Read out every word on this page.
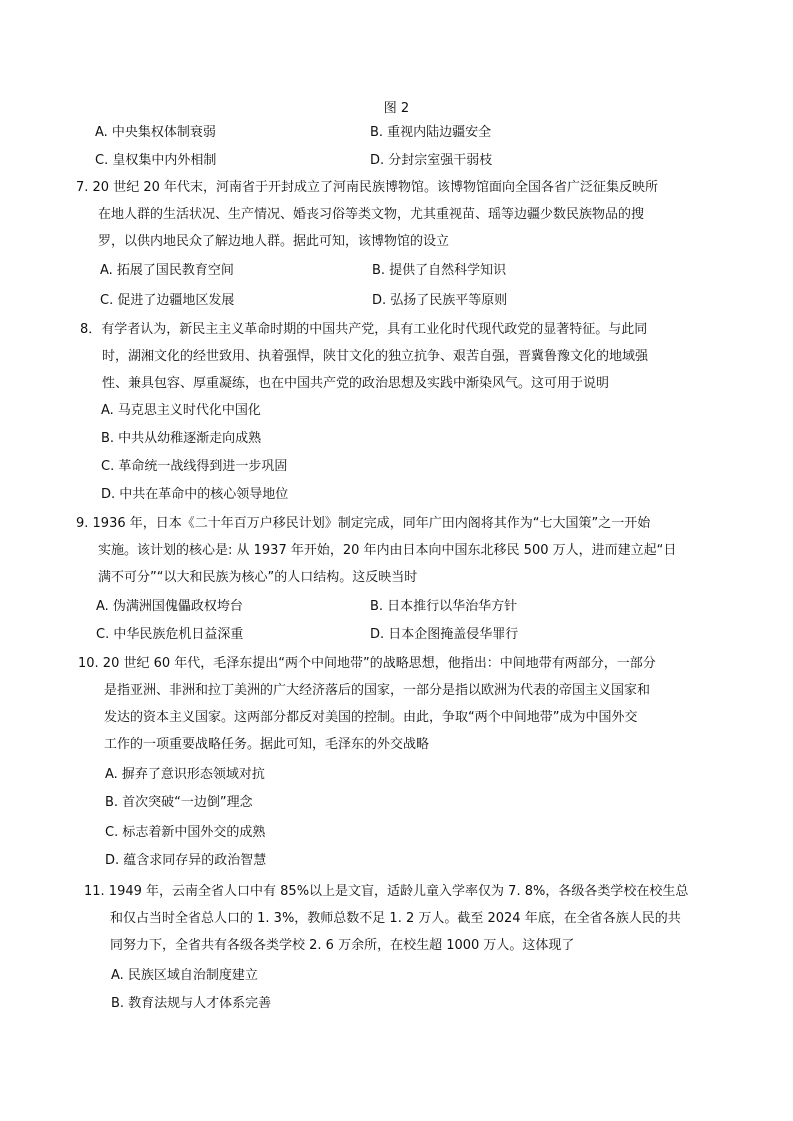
图 2
A. 中央集权体制衰弱	B. 重视内陆边疆安全
C. 皇权集中内外相制	D. 分封宗室强干弱枝
7. 20 世纪 20 年代末，河南省于开封成立了河南民族博物馆。该博物馆面向全国各省广泛征集反映所
在地人群的生活状况、生产情况、婚丧习俗等类文物，尤其重视苗、瑶等边疆少数民族物品的搜
罗，以供内地民众了解边地人群。据此可知，该博物馆的设立
A. 拓展了国民教育空间	B. 提供了自然科学知识
C. 促进了边疆地区发展	D. 弘扬了民族平等原则
8．有学者认为，新民主主义革命时期的中国共产党，具有工业化时代现代政党的显著特征。与此同
时，湖湘文化的经世致用、执着强悍，陕甘文化的独立抗争、艰苦自强，晋冀鲁豫文化的地域强
性、兼具包容、厚重凝练，也在中国共产党的政治思想及实践中渐染风气。这可用于说明
A. 马克思主义时代化中国化
B. 中共从幼稚逐渐走向成熟
C. 革命统一战线得到进一步巩固
D. 中共在革命中的核心领导地位
9. 1936 年，日本《二十年百万户移民计划》制定完成，同年广田内阁将其作为“七大国策”之一开始
实施。该计划的核心是: 从 1937 年开始，20 年内由日本向中国东北移民 500 万人，进而建立起“日
满不可分”“以大和民族为核心”的人口结构。这反映当时
A. 伪满洲国傀儡政权垮台	B. 日本推行以华治华方针
C. 中华民族危机日益深重	D. 日本企图掩盖侵华罪行
10. 20 世纪 60 年代，毛泽东提出“两个中间地带”的战略思想，他指出：中间地带有两部分，一部分
是指亚洲、非洲和拉丁美洲的广大经济落后的国家，一部分是指以欧洲为代表的帝国主义国家和
发达的资本主义国家。这两部分都反对美国的控制。由此，争取“两个中间地带”成为中国外交
工作的一项重要战略任务。据此可知，毛泽东的外交战略
A. 摒弃了意识形态领域对抗
B. 首次突破“一边倒”理念
C. 标志着新中国外交的成熟
D. 蕴含求同存异的政治智慧
11. 1949 年，云南全省人口中有 85%以上是文盲，适龄儿童入学率仅为 7. 8%，各级各类学校在校生总
和仅占当时全省总人口的 1. 3%，教师总数不足 1. 2 万人。截至 2024 年底，在全省各族人民的共
同努力下，全省共有各级各类学校 2. 6 万余所，在校生超 1000 万人。这体现了
A. 民族区域自治制度建立
B. 教育法规与人才体系完善
